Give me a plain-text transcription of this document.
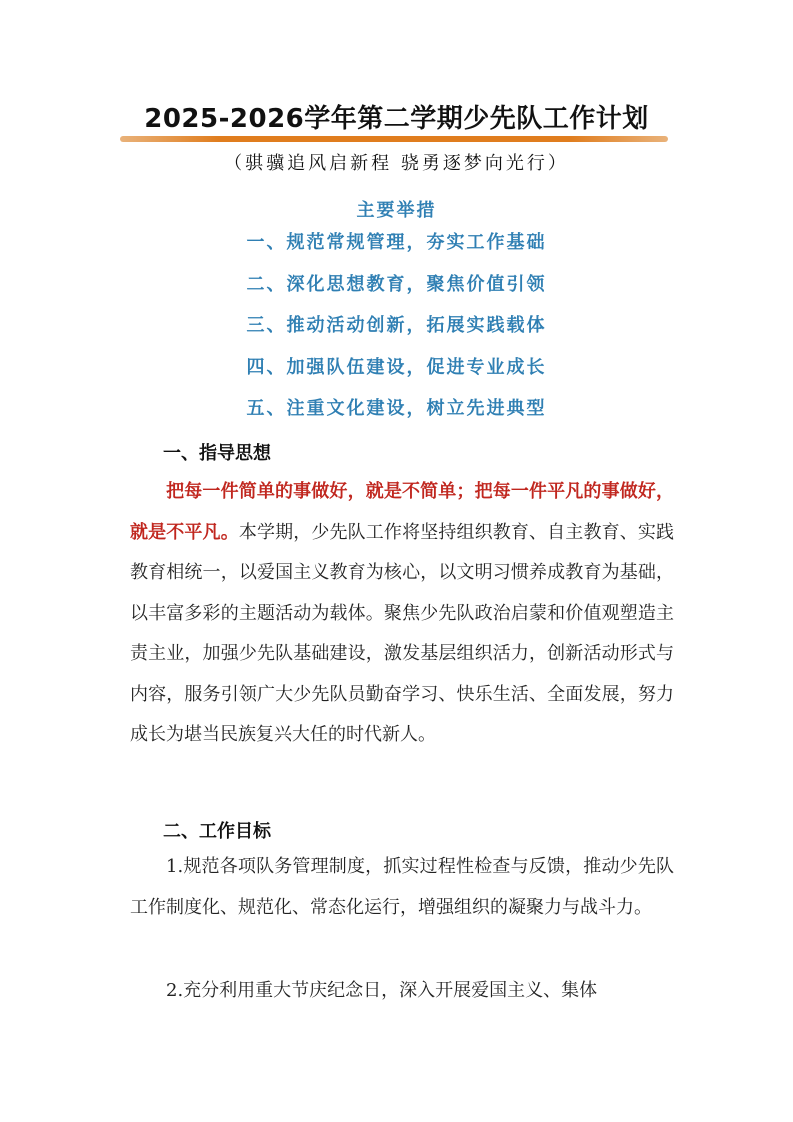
2025-2026学年第二学期少先队工作计划
（骐骥追风启新程 骁勇逐梦向光行）
主要举措
一、规范常规管理，夯实工作基础
二、深化思想教育，聚焦价值引领
三、推动活动创新，拓展实践载体
四、加强队伍建设，促进专业成长
五、注重文化建设，树立先进典型
一、指导思想

把每一件简单的事做好，就是不简单；把每一件平凡的事做好，就是不平凡。本学期，少先队工作将坚持组织教育、自主教育、实践教育相统一，以爱国主义教育为核心，以文明习惯养成教育为基础，以丰富多彩的主题活动为载体。聚焦少先队政治启蒙和价值观塑造主责主业，加强少先队基础建设，激发基层组织活力，创新活动形式与内容，服务引领广大少先队员勤奋学习、快乐生活、全面发展，努力成长为堪当民族复兴大任的时代新人。

二、工作目标

1.规范各项队务管理制度，抓实过程性检查与反馈，推动少先队工作制度化、规范化、常态化运行，增强组织的凝聚力与战斗力。

2.充分利用重大节庆纪念日，深入开展爱国主义、集体
